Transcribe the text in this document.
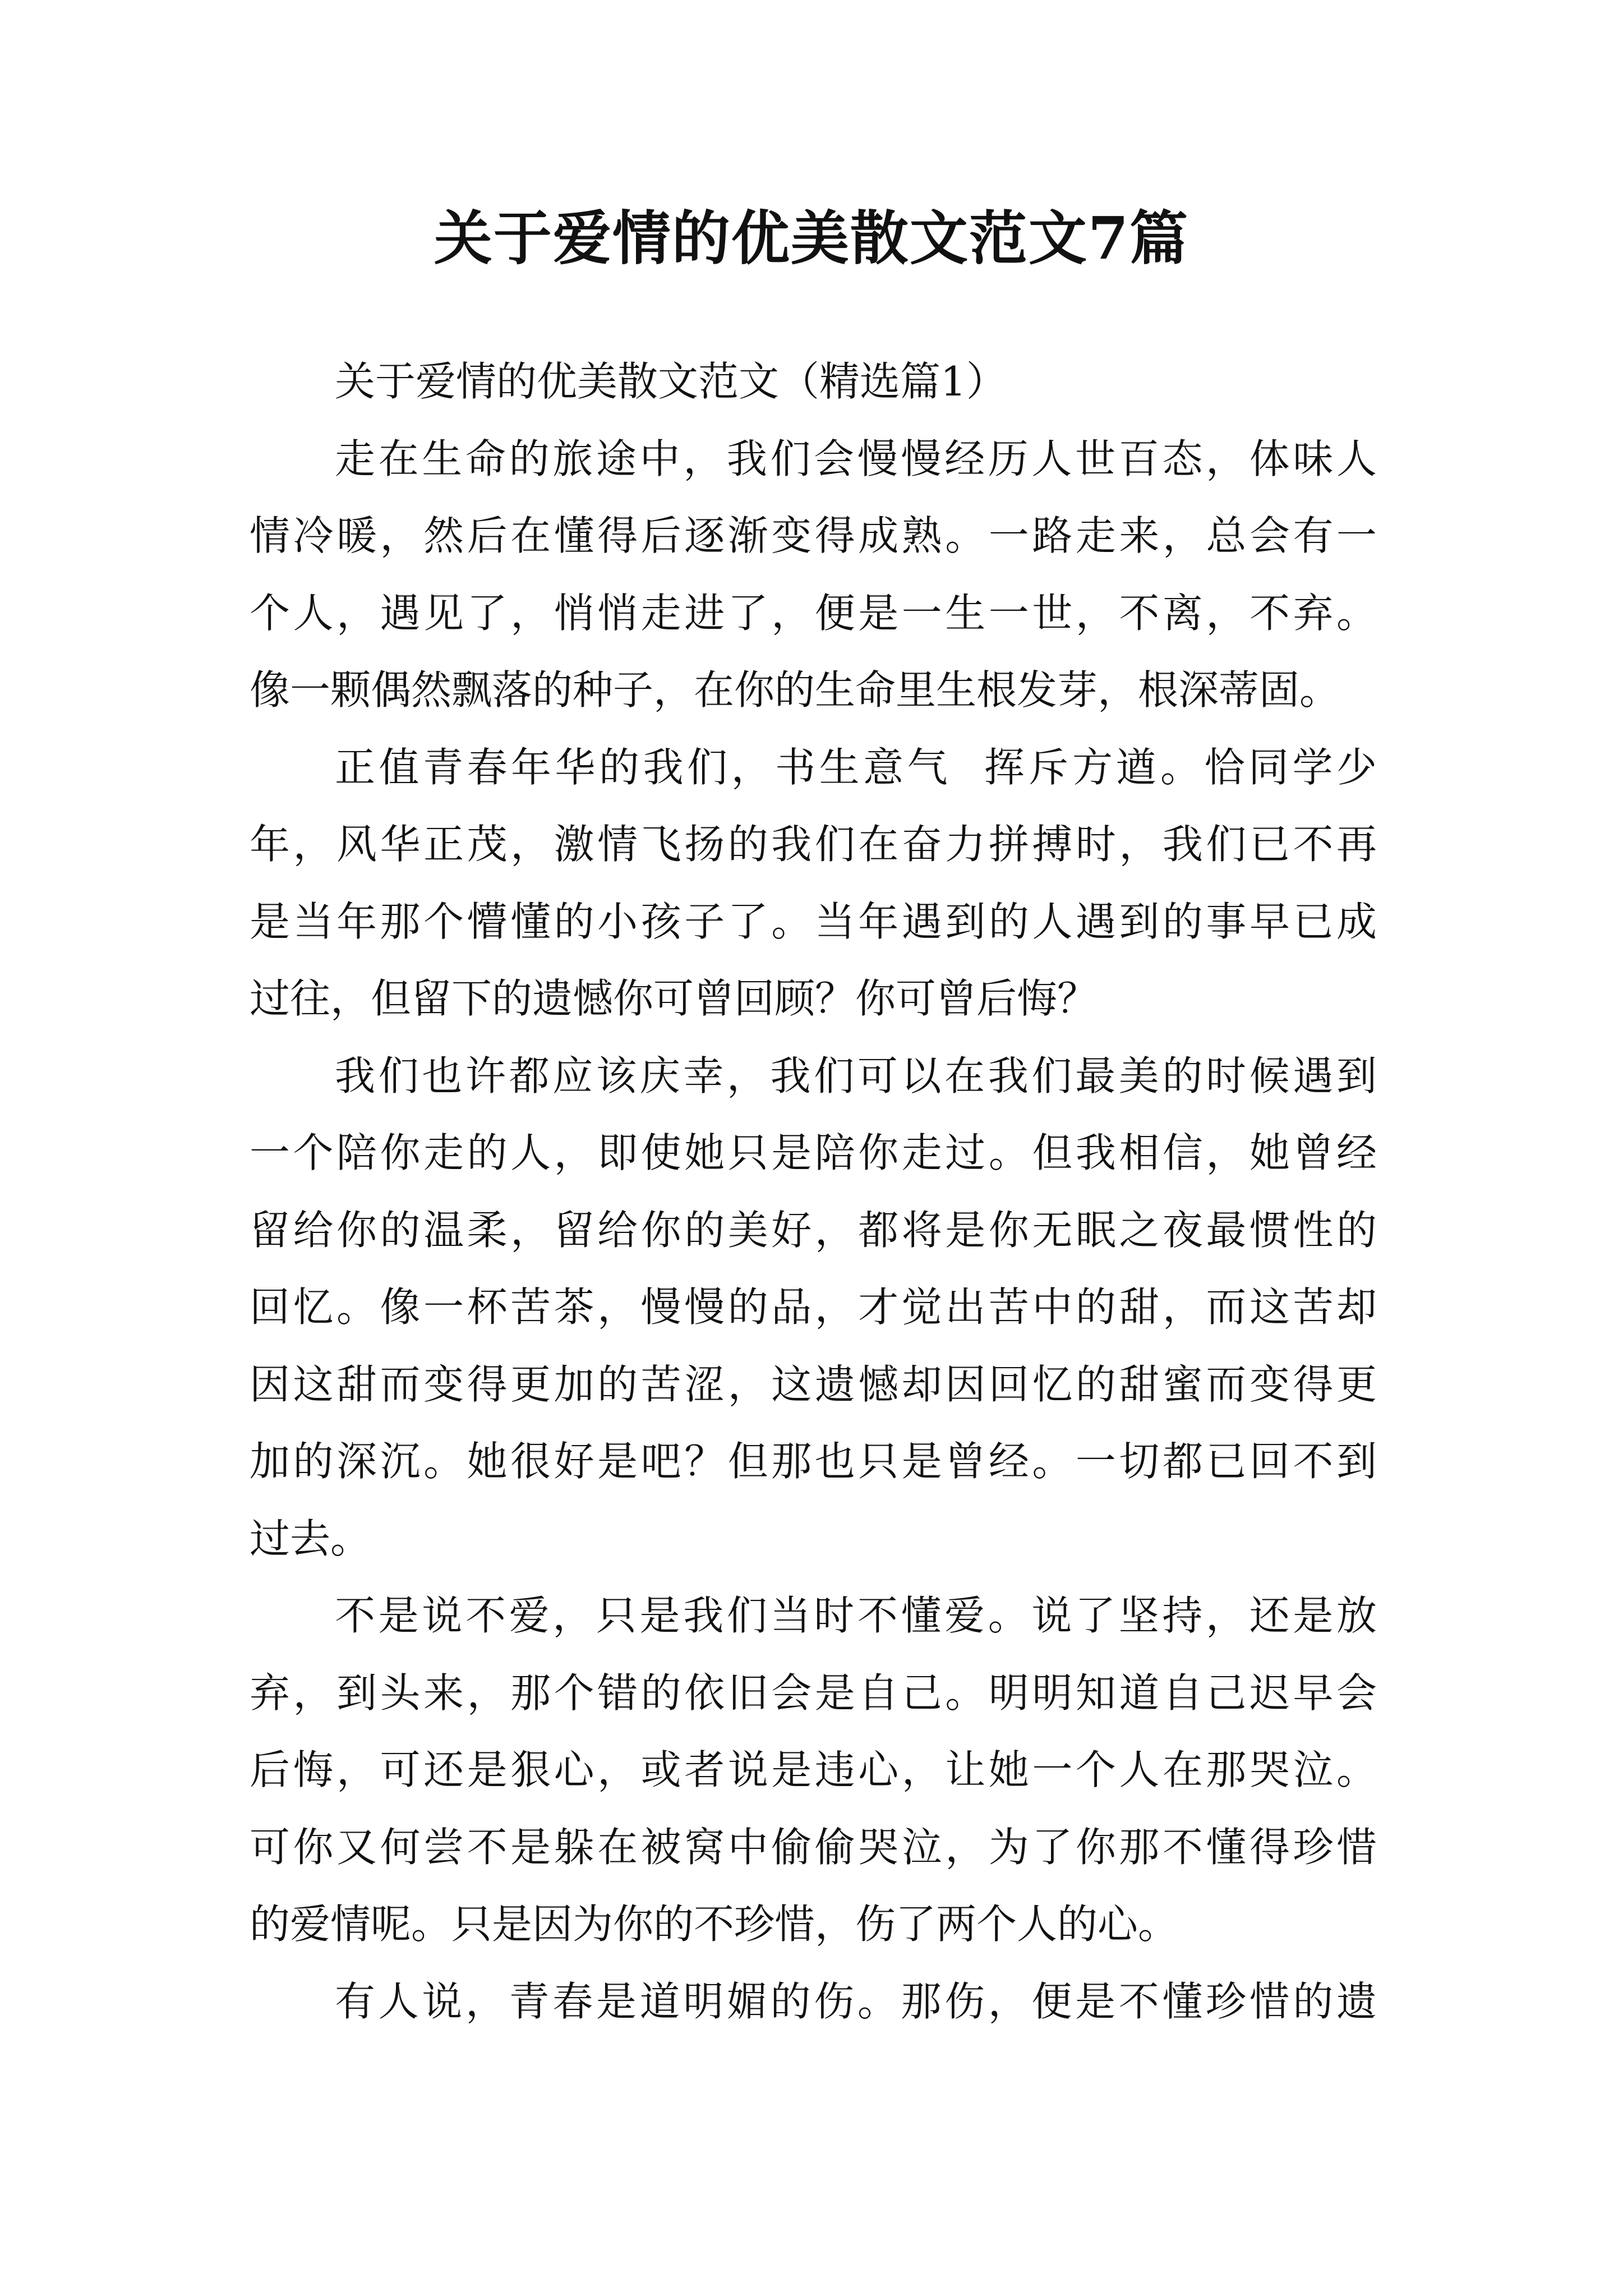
关于爱情的优美散文范文7篇
关于爱情的优美散文范文（精选篇1）
走在生命的旅途中，我们会慢慢经历人世百态，体味人
情冷暖，然后在懂得后逐渐变得成熟。一路走来，总会有一
个人，遇见了，悄悄走进了，便是一生一世，不离，不弃。
像一颗偶然飘落的种子，在你的生命里生根发芽，根深蒂固。
正值青春年华的我们，书生意气  挥斥方遒。恰同学少
年，风华正茂，激情飞扬的我们在奋力拼搏时，我们已不再
是当年那个懵懂的小孩子了。当年遇到的人遇到的事早已成
过往，但留下的遗憾你可曾回顾？你可曾后悔？
我们也许都应该庆幸，我们可以在我们最美的时候遇到
一个陪你走的人，即使她只是陪你走过。但我相信，她曾经
留给你的温柔，留给你的美好，都将是你无眠之夜最惯性的
回忆。像一杯苦茶，慢慢的品，才觉出苦中的甜，而这苦却
因这甜而变得更加的苦涩，这遗憾却因回忆的甜蜜而变得更
加的深沉。她很好是吧？但那也只是曾经。一切都已回不到
过去。
不是说不爱，只是我们当时不懂爱。说了坚持，还是放
弃，到头来，那个错的依旧会是自己。明明知道自己迟早会
后悔，可还是狠心，或者说是违心，让她一个人在那哭泣。
可你又何尝不是躲在被窝中偷偷哭泣，为了你那不懂得珍惜
的爱情呢。只是因为你的不珍惜，伤了两个人的心。
有人说，青春是道明媚的伤。那伤，便是不懂珍惜的遗
